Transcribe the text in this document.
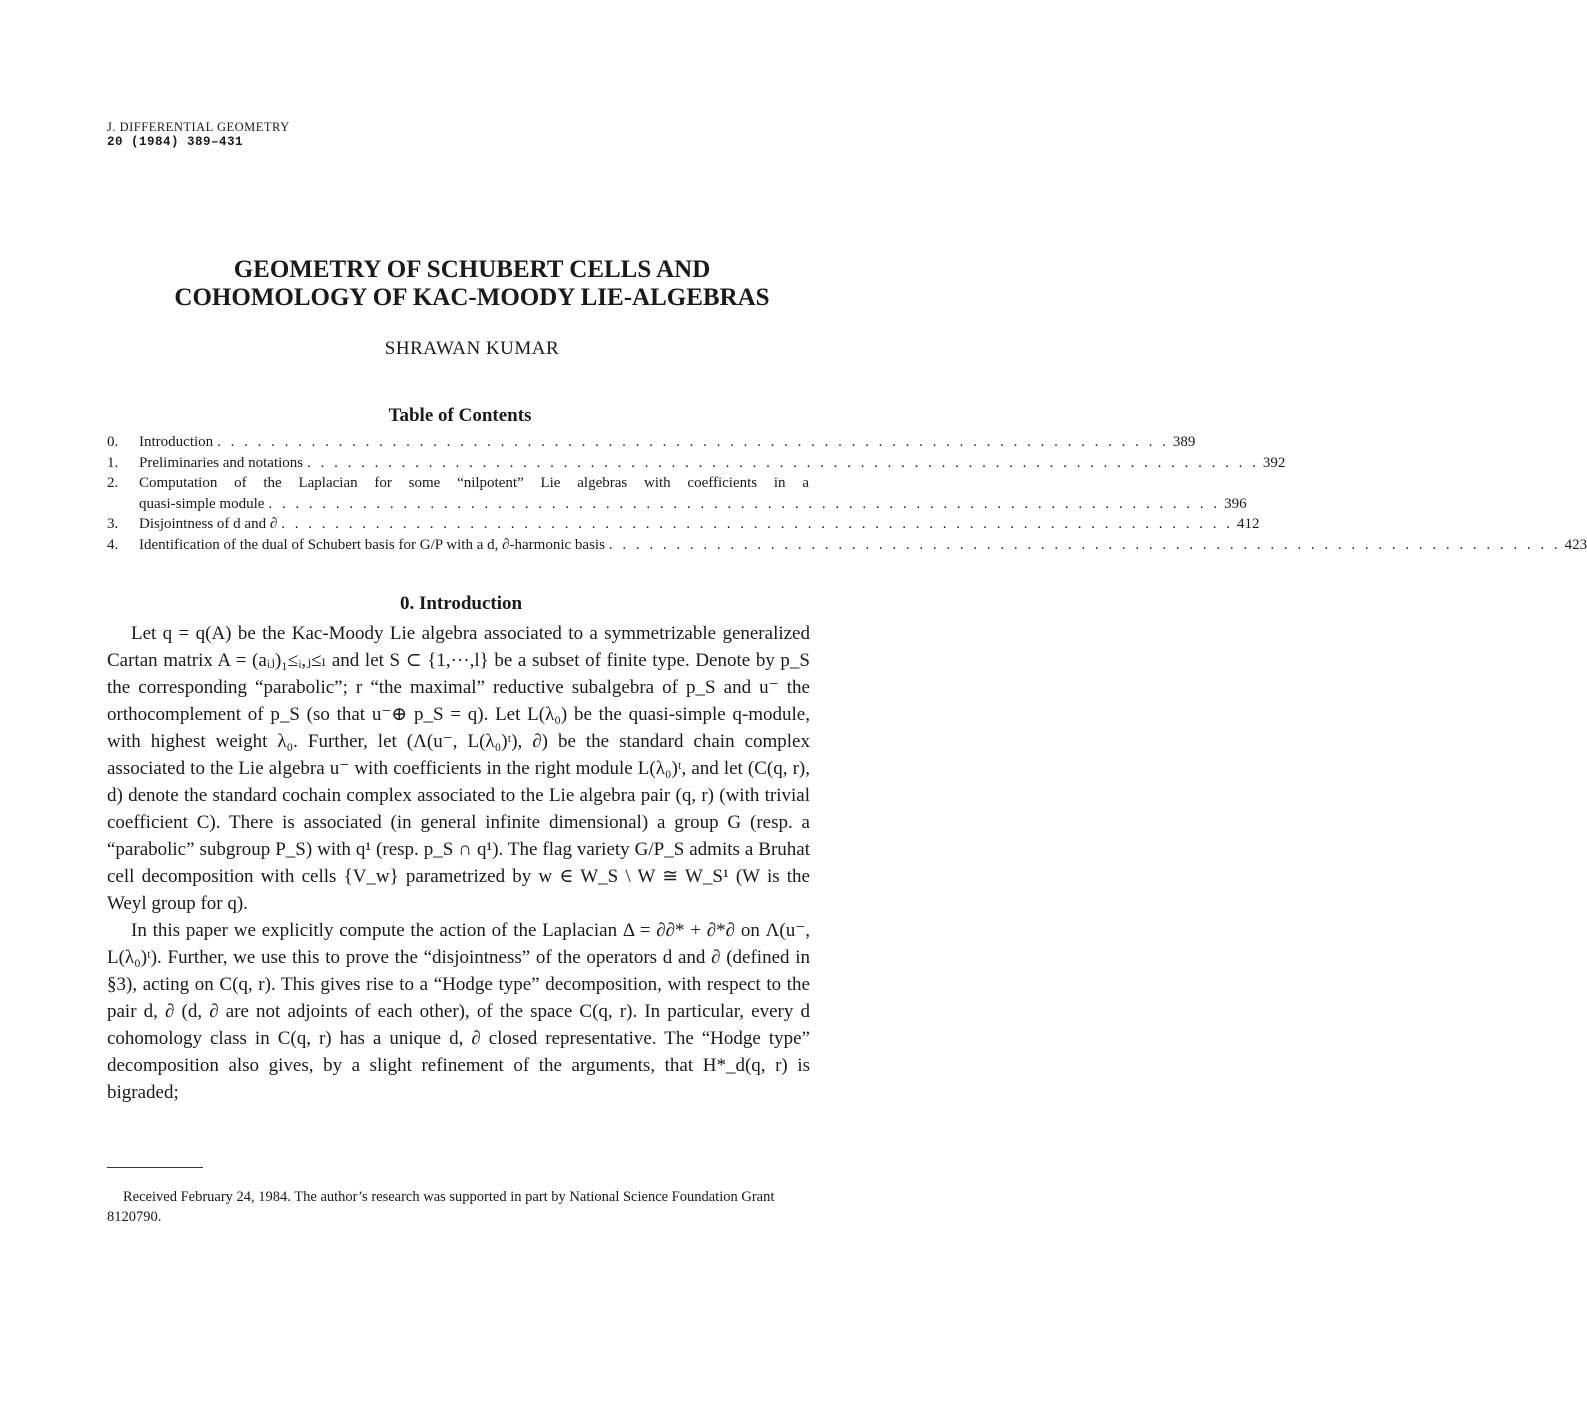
J. DIFFERENTIAL GEOMETRY
20 (1984) 389–431
GEOMETRY OF SCHUBERT CELLS AND
COHOMOLOGY OF KAC-MOODY LIE-ALGEBRAS
SHRAWAN KUMAR
Table of Contents
0.	Introduction . . . . . . . . . . . . . . . . . . . . . . . . . . . . . . . . . . . . . . . . . . . . . . . . . . . . . . . . . . . . . . . . . . . . . . . 389
1.	Preliminaries and notations . . . . . . . . . . . . . . . . . . . . . . . . . . . . . . . . . . . . . . . . . . . . . . . . . . . . . . . . . . . . . . . . . . . . . . . 392
2.	Computation of the Laplacian for some “nilpotent” Lie algebras with coefficients in a
quasi-simple module . . . . . . . . . . . . . . . . . . . . . . . . . . . . . . . . . . . . . . . . . . . . . . . . . . . . . . . . . . . . . . . . . . . . . . . 396
3.	Disjointness of d and ∂ . . . . . . . . . . . . . . . . . . . . . . . . . . . . . . . . . . . . . . . . . . . . . . . . . . . . . . . . . . . . . . . . . . . . . . . 412
4.	Identification of the dual of Schubert basis for G/P with a d, ∂-harmonic basis . . . . . . . . . . . . . . . . . . . . . . . . . . . . . . . . . . . . . . . . . . . . . . . . . . . . . . . . . . . . . . . . . . . . . . . 423
0. Introduction

Let q = q(A) be the Kac-Moody Lie algebra associated to a symmetrizable generalized Cartan matrix A = (aᵢⱼ)₁≤ᵢ,ⱼ≤ₗ and let S ⊂ {1,···,l} be a subset of finite type. Denote by p_S the corresponding “parabolic”; r “the maximal” reductive subalgebra of p_S and u⁻ the orthocomplement of p_S (so that u⁻⊕ p_S = q). Let L(λ₀) be the quasi-simple q-module, with highest weight λ₀. Further, let (Λ(u⁻, L(λ₀)ᵗ), ∂) be the standard chain complex associated to the Lie algebra u⁻ with coefficients in the right module L(λ₀)ᵗ, and let (C(q, r), d) denote the standard cochain complex associated to the Lie algebra pair (q, r) (with trivial coefficient C). There is associated (in general infinite dimensional) a group G (resp. a “parabolic” subgroup P_S) with q¹ (resp. p_S ∩ q¹). The flag variety G/P_S admits a Bruhat cell decomposition with cells {V_w} parametrized by w ∈ W_S \ W ≅ W_S¹ (W is the Weyl group for q).

In this paper we explicitly compute the action of the Laplacian Δ = ∂∂* + ∂*∂ on Λ(u⁻, L(λ₀)ᵗ). Further, we use this to prove the “disjointness” of the operators d and ∂ (defined in §3), acting on C(q, r). This gives rise to a “Hodge type” decomposition, with respect to the pair d, ∂ (d, ∂ are not adjoints of each other), of the space C(q, r). In particular, every d cohomology class in C(q, r) has a unique d, ∂ closed representative. The “Hodge type” decomposition also gives, by a slight refinement of the arguments, that H*_d(q, r) is bigraded;

Received February 24, 1984. The author’s research was supported in part by National Science Foundation Grant 8120790.
